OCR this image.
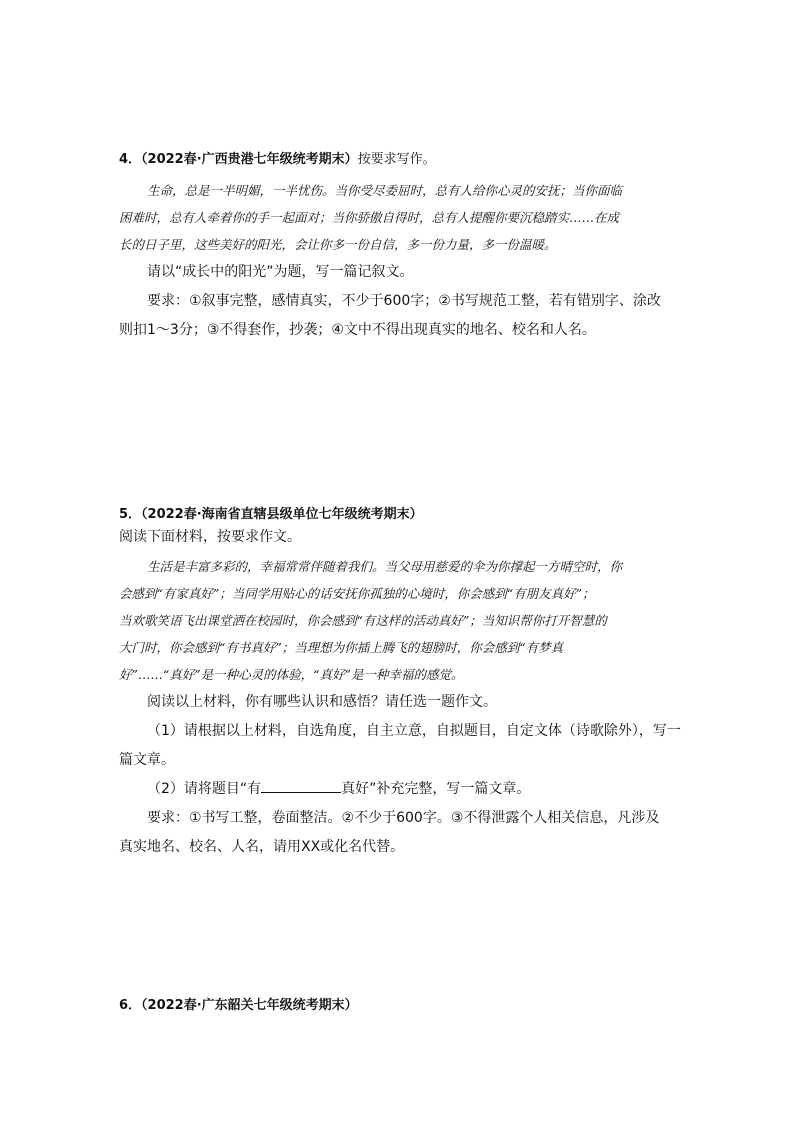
4．（2022春·广西贵港七年级统考期末）按要求写作。
生命，总是一半明媚，一半忧伤。当你受尽委屈时，总有人给你心灵的安抚；当你面临
困难时，总有人牵着你的手一起面对；当你骄傲自得时，总有人提醒你要沉稳踏实……在成
长的日子里，这些美好的阳光，会让你多一份自信，多一份力量，多一份温暖。
请以“成长中的阳光”为题，写一篇记叙文。
要求：①叙事完整，感情真实，不少于600字；②书写规范工整，若有错别字、涂改
则扣1～3分；③不得套作，抄袭；④文中不得出现真实的地名、校名和人名。
5．（2022春·海南省直辖县级单位七年级统考期末）
阅读下面材料，按要求作文。
生活是丰富多彩的，幸福常常伴随着我们。当父母用慈爱的伞为你撑起一方晴空时，你
会感到“有家真好”；当同学用贴心的话安抚你孤独的心境时，你会感到“有朋友真好”；
当欢歌笑语飞出课堂洒在校园时，你会感到“有这样的活动真好”；当知识帮你打开智慧的
大门时，你会感到“有书真好”；当理想为你插上腾飞的翅膀时，你会感到“有梦真
好”……“真好”是一种心灵的体验，“真好”是一种幸福的感觉。
阅读以上材料，你有哪些认识和感悟？请任选一题作文。
（1）请根据以上材料，自选角度，自主立意，自拟题目，自定文体（诗歌除外），写一
篇文章。
（2）请将题目“有	真好”补充完整，写一篇文章。
要求：①书写工整，卷面整洁。②不少于600字。③不得泄露个人相关信息，凡涉及
真实地名、校名、人名，请用XX或化名代替。
6．（2022春·广东韶关七年级统考期末）
